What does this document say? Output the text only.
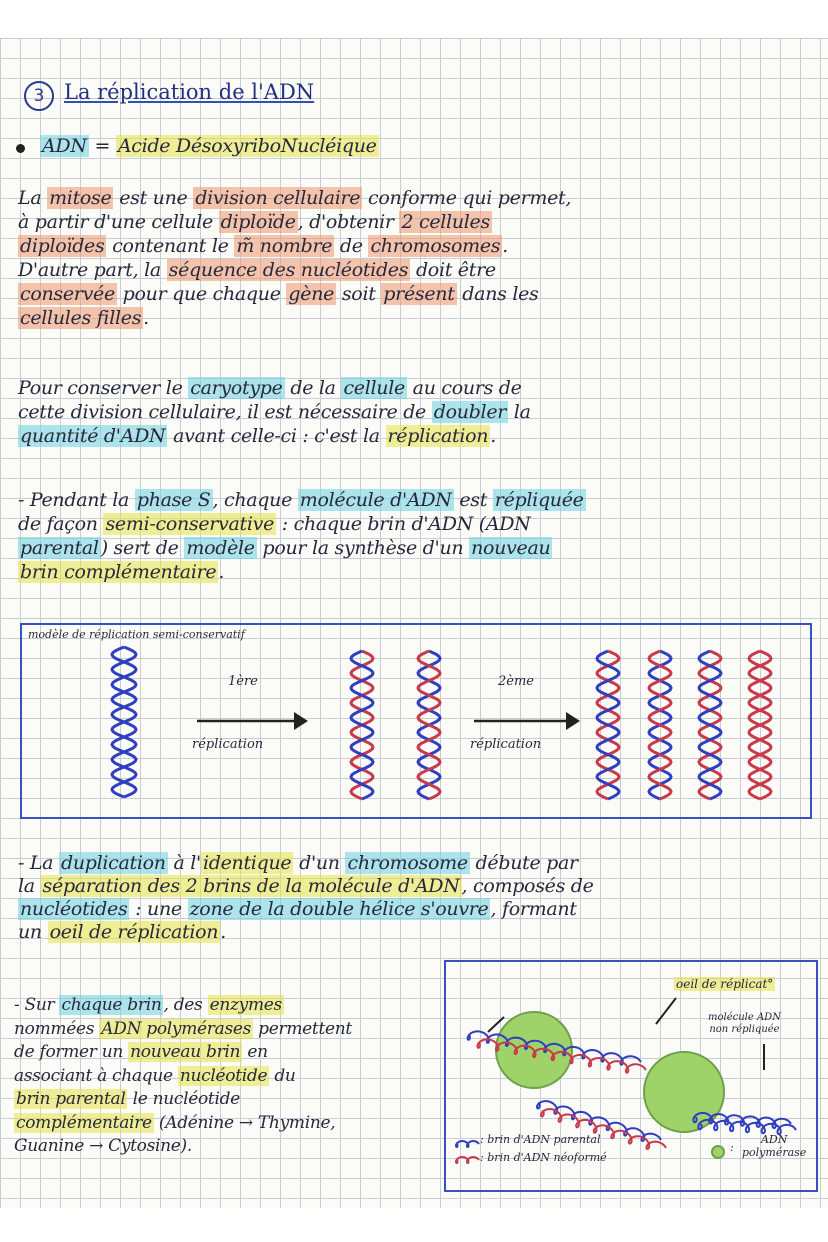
3 La réplication de l'ADN
ADN = Acide DésoxyriboNucléique
La mitose est une division cellulaire conforme qui permet,
à partir d'une cellule diploïde , d'obtenir 2 cellules
diploïdes contenant le m̃ nombre de chromosomes .
D'autre part, la séquence des nucléotides doit être
conservée pour que chaque gène soit présent dans les
cellules filles .
Pour conserver le caryotype de la cellule au cours de
cette division cellulaire, il est nécessaire de doubler la
quantité d'ADN avant celle-ci : c'est la réplication .
- Pendant la phase S , chaque molécule d'ADN est répliquée
de façon semi-conservative : chaque brin d'ADN (ADN
parental ) sert de modèle pour la synthèse d'un nouveau
brin complémentaire .
modèle de réplication semi-conservatif
1ère
réplication
2ème
réplication
- La duplication à l' identique d'un chromosome débute par
la séparation des 2 brins de la molécule d'ADN , composés de
nucléotides : une zone de la double hélice s'ouvre , formant
un oeil de réplication .
- Sur chaque brin , des enzymes
nommées ADN polymérases permettent
de former un nouveau brin en
associant à chaque nucléotide du
brin parental le nucléotide
complémentaire (Adénine → Thymine,
Guanine → Cytosine).
oeil de réplicat°
molécule ADN
non répliquée
: brin d'ADN parental
: brin d'ADN néoformé
:
ADN
polymérase
